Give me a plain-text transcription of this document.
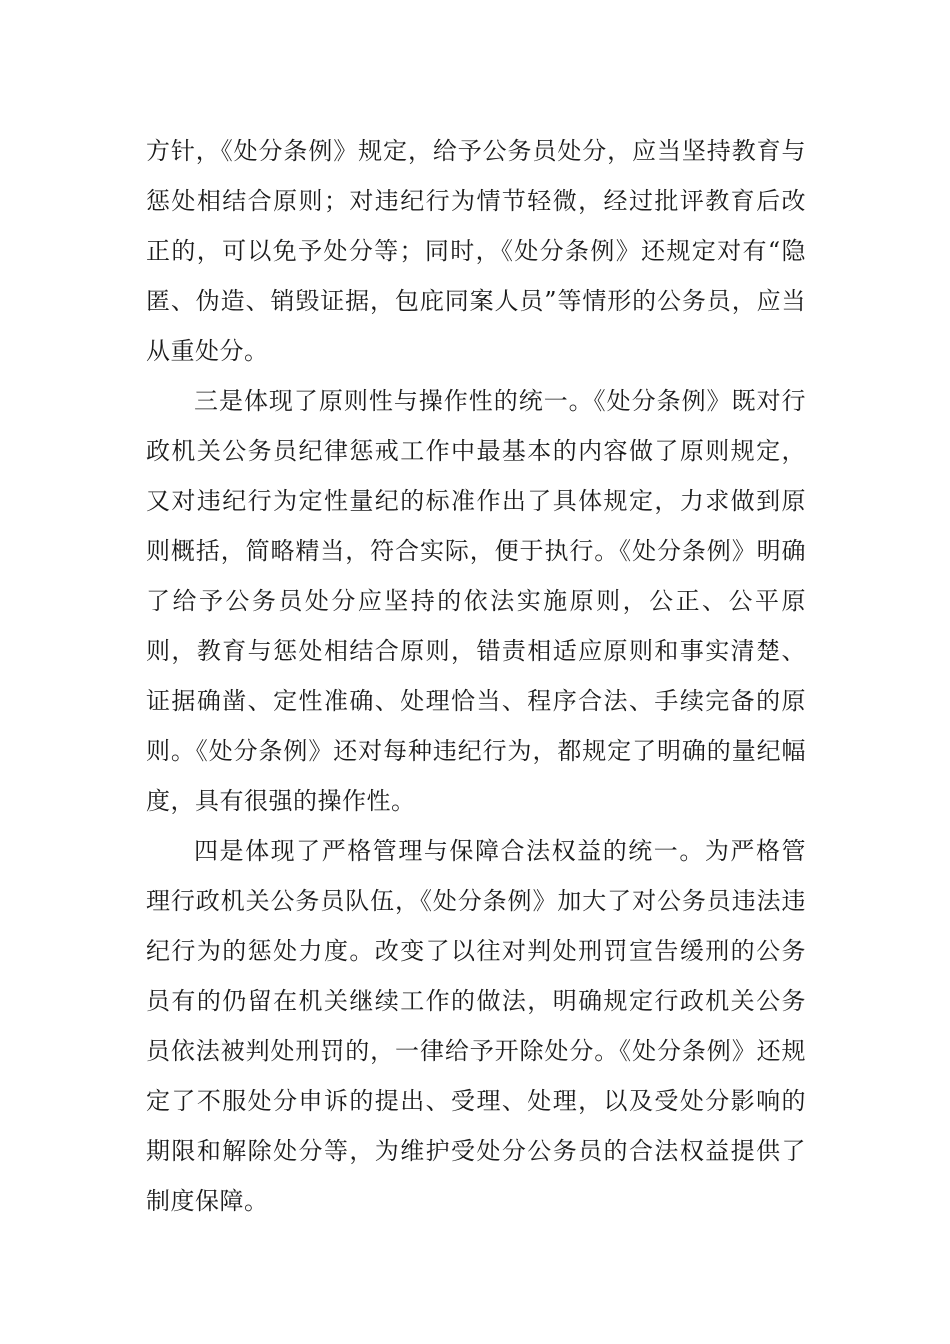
方针，《处分条例》规定，给予公务员处分，应当坚持教育与惩处相结合原则；对违纪行为情节轻微，经过批评教育后改正的，可以免予处分等；同时，《处分条例》还规定对有“隐匿、伪造、销毁证据，包庇同案人员”等情形的公务员，应当从重处分。

三是体现了原则性与操作性的统一。《处分条例》既对行政机关公务员纪律惩戒工作中最基本的内容做了原则规定，又对违纪行为定性量纪的标准作出了具体规定，力求做到原则概括，简略精当，符合实际，便于执行。《处分条例》明确了给予公务员处分应坚持的依法实施原则，公正、公平原则，教育与惩处相结合原则，错责相适应原则和事实清楚、证据确凿、定性准确、处理恰当、程序合法、手续完备的原则。《处分条例》还对每种违纪行为，都规定了明确的量纪幅度，具有很强的操作性。

四是体现了严格管理与保障合法权益的统一。为严格管理行政机关公务员队伍，《处分条例》加大了对公务员违法违纪行为的惩处力度。改变了以往对判处刑罚宣告缓刑的公务员有的仍留在机关继续工作的做法，明确规定行政机关公务员依法被判处刑罚的，一律给予开除处分。《处分条例》还规定了不服处分申诉的提出、受理、处理，以及受处分影响的期限和解除处分等，为维护受处分公务员的合法权益提供了制度保障。
